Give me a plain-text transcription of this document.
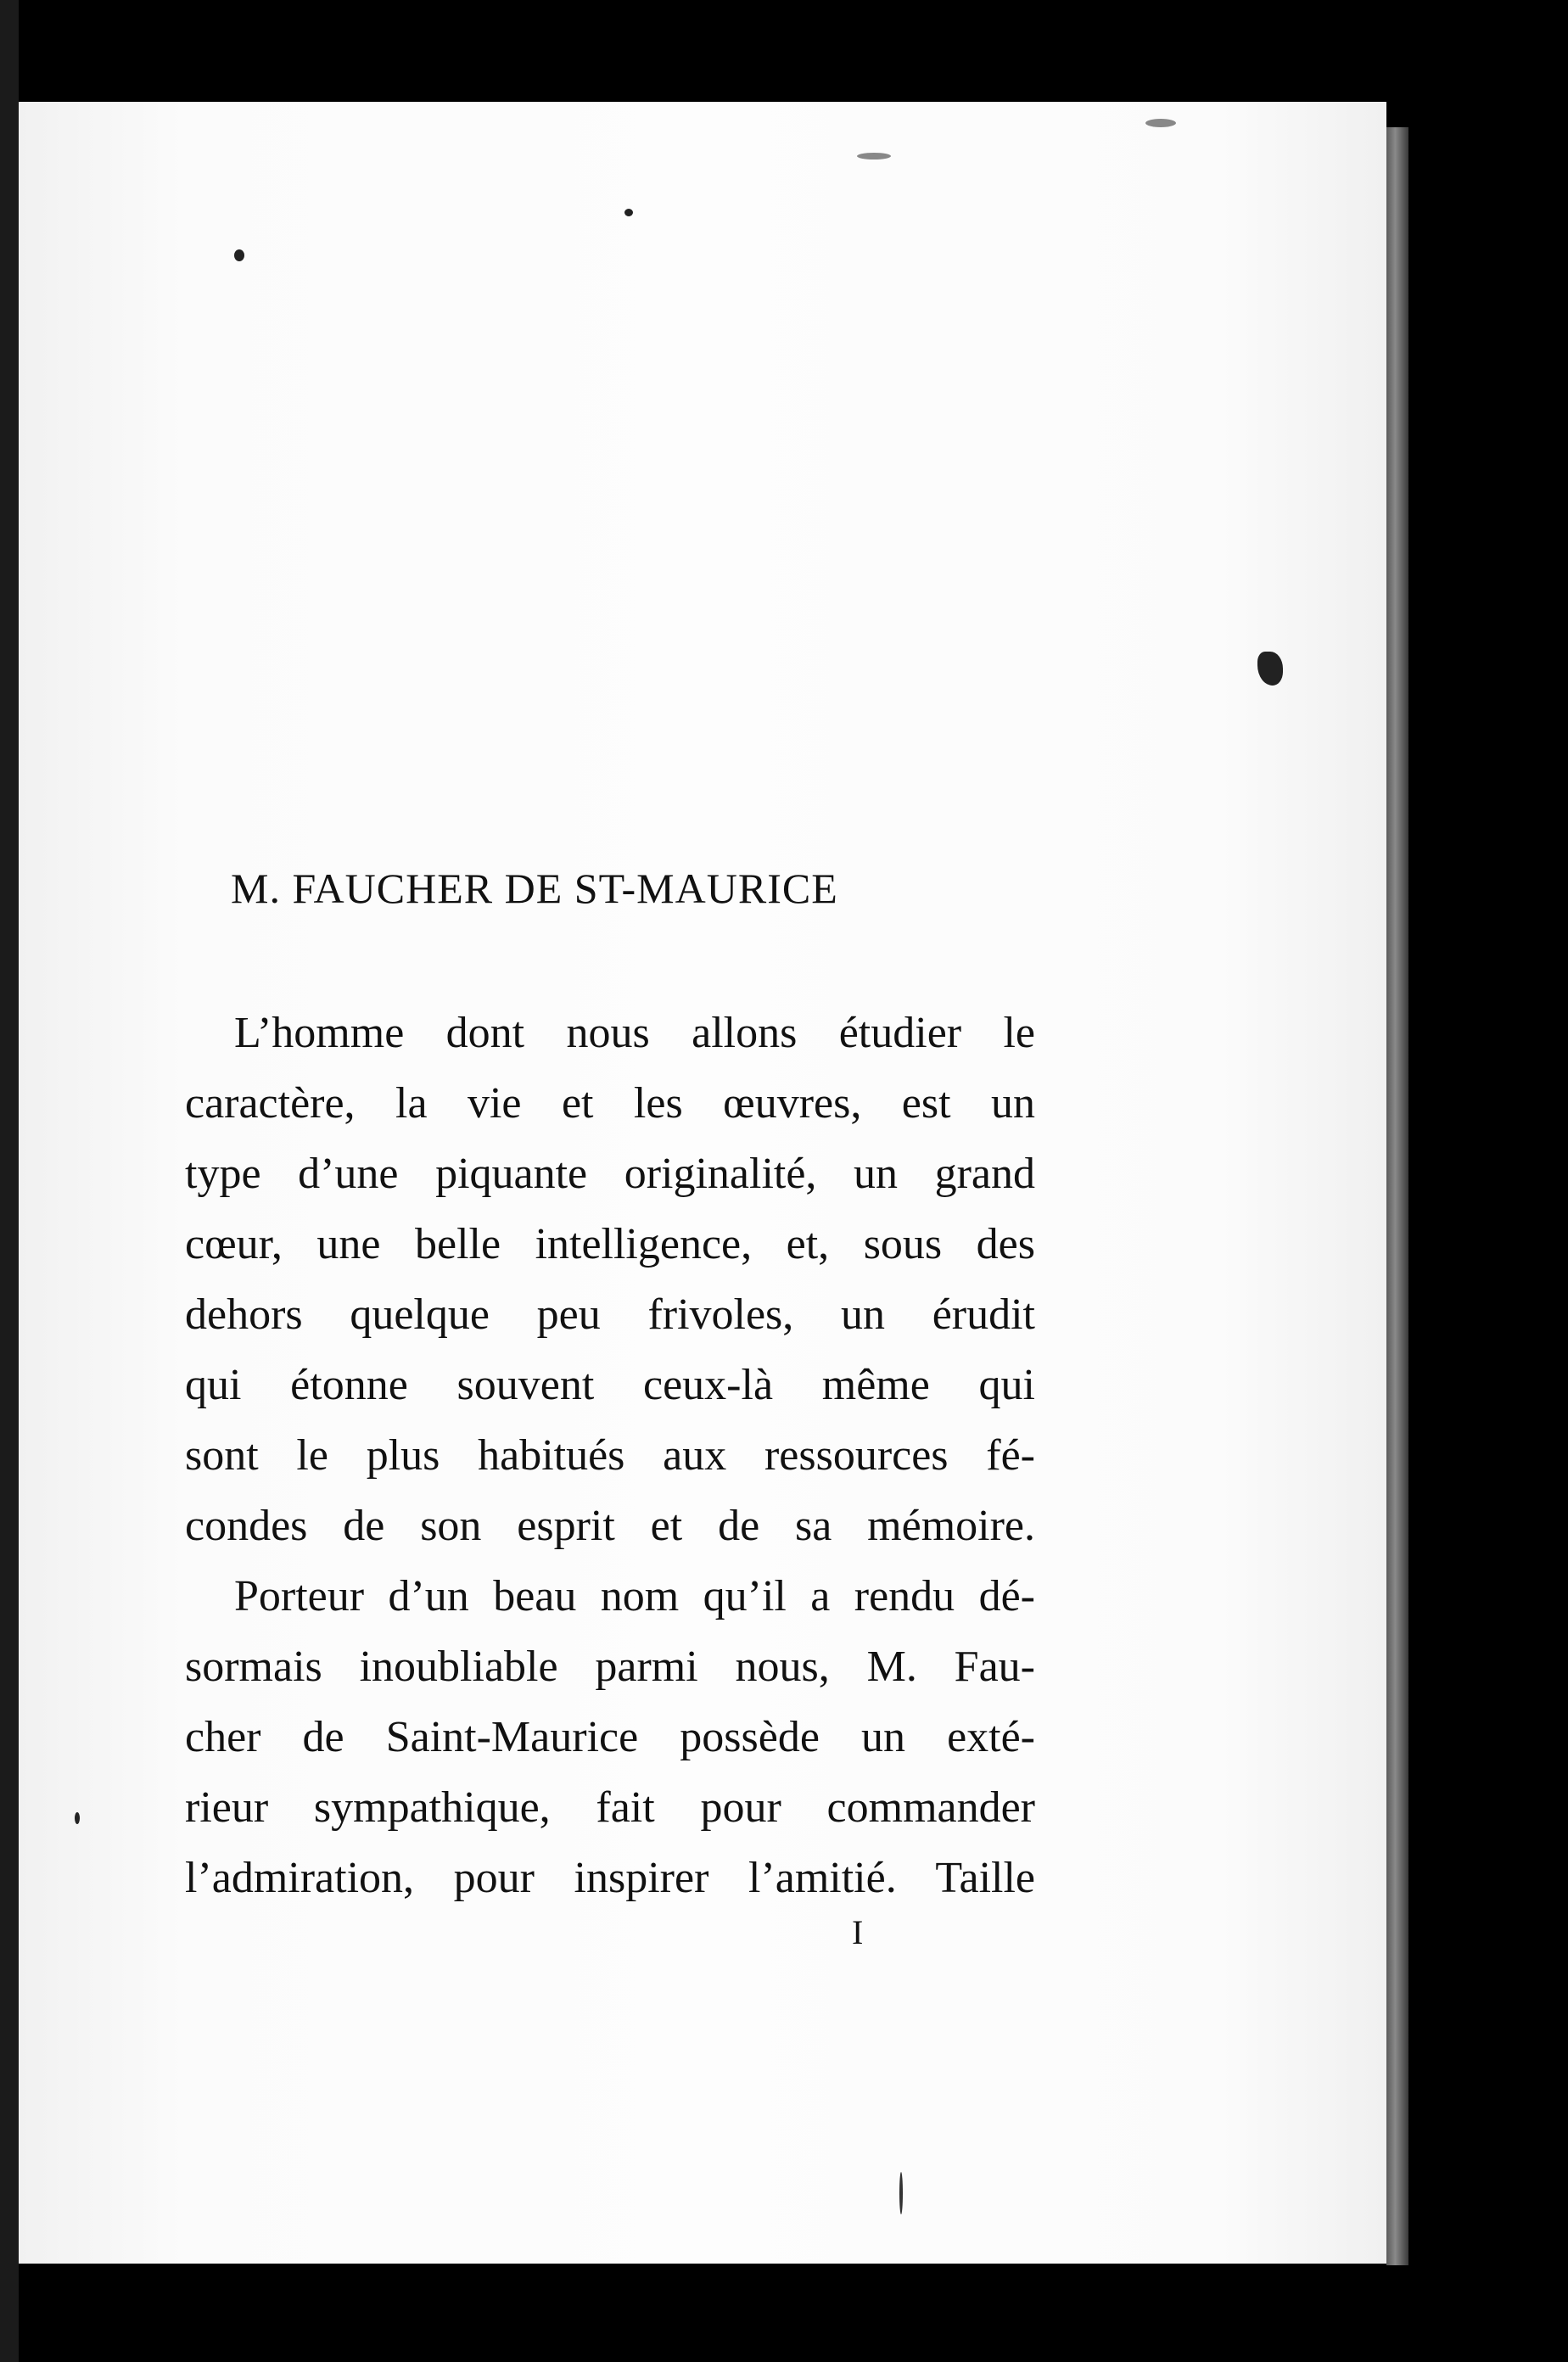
M. FAUCHER DE ST-MAURICE
L’homme dont nous allons étudier le
caractère, la vie et les œuvres, est un
type d’une piquante originalité, un grand
cœur, une belle intelligence, et, sous des
dehors quelque peu frivoles, un érudit
qui étonne souvent ceux-là même qui
sont le plus habitués aux ressources fé-
condes de son esprit et de sa mémoire.
Porteur d’un beau nom qu’il a rendu dé-
sormais inoubliable parmi nous, M. Fau-
cher de Saint-Maurice possède un exté-
rieur sympathique, fait pour commander
l’admiration, pour inspirer l’amitié. Taille
I
